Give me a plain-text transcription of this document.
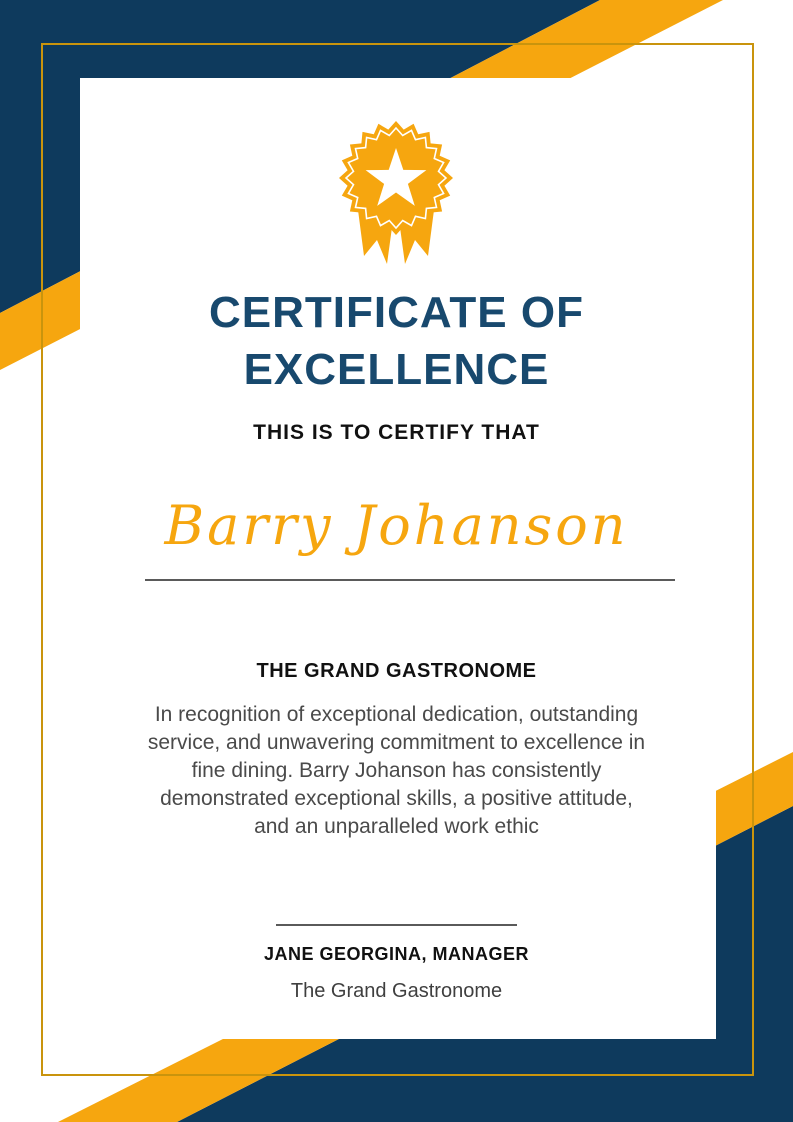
CERTIFICATE OF
EXCELLENCE
THIS IS TO CERTIFY THAT
Barry Johanson
THE GRAND GASTRONOME
In recognition of exceptional dedication, outstanding
service, and unwavering commitment to excellence in
fine dining. Barry Johanson has consistently
demonstrated exceptional skills, a positive attitude,
and an unparalleled work ethic
JANE GEORGINA, MANAGER
The Grand Gastronome
